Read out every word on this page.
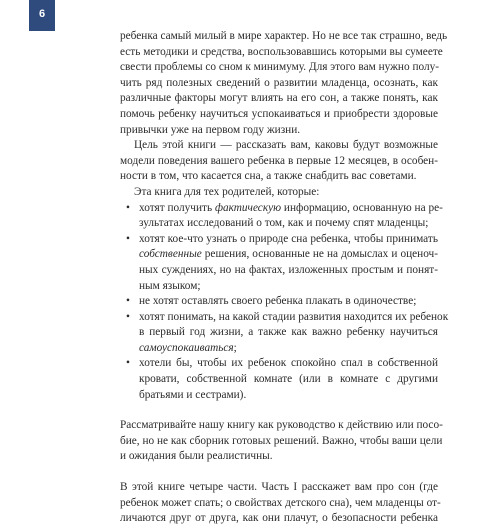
6
ребенка самый милый в мире характер. Но не все так страшно, ведь
есть методики и средства, воспользовавшись которыми вы сумеете
свести проблемы со сном к минимуму. Для этого вам нужно полу-
чить ряд полезных сведений о развитии младенца, осознать, как
различные факторы могут влиять на его сон, а также понять, как
помочь ребенку научиться успокаиваться и приобрести здоровые
привычки уже на первом году жизни.
Цель этой книги — рассказать вам, каковы будут возможные
модели поведения вашего ребенка в первые 12 месяцев, в особен-
ности в том, что касается сна, а также снабдить вас советами.
Эта книга для тех родителей, которые:
• хотят получить фактическую информацию, основанную на ре-
зультатах исследований о том, как и почему спят младенцы;
• хотят кое-что узнать о природе сна ребенка, чтобы принимать
собственные решения, основанные не на домыслах и оценоч-
ных суждениях, но на фактах, изложенных простым и понят-
ным языком;
• не хотят оставлять своего ребенка плакать в одиночестве;
• хотят понимать, на какой стадии развития находится их ребенок
в первый год жизни, а также как важно ребенку научиться
самоуспокаиваться;
• хотели бы, чтобы их ребенок спокойно спал в собственной
кровати, собственной комнате (или в комнате с другими
братьями и сестрами).
Рассматривайте нашу книгу как руководство к действию или посо-
бие, но не как сборник готовых решений. Важно, чтобы ваши цели
и ожидания были реалистичны.
В этой книге четыре части. Часть I расскажет вам про сон (где
ребенок может спать; о свойствах детского сна), чем младенцы от-
личаются друг от друга, как они плачут, о безопасности ребенка
